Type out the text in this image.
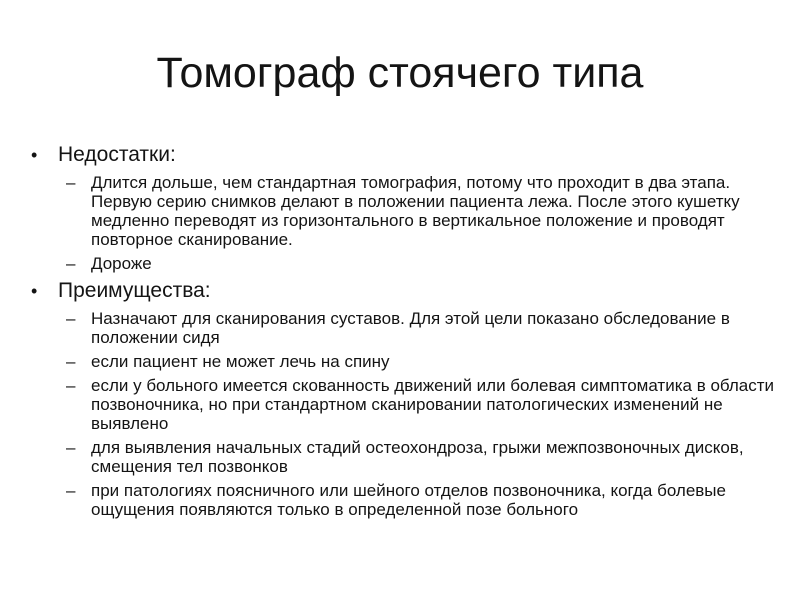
Томограф стоячего типа
• Недостатки:
– Длится дольше, чем стандартная томография, потому что проходит в два этапа. Первую серию снимков делают в положении пациента лежа. После этого кушетку медленно переводят из горизонтального в вертикальное положение и проводят повторное сканирование.
– Дороже
• Преимущества:
– Назначают для сканирования суставов. Для этой цели показано обследование в положении сидя
– если пациент не может лечь на спину
– если у больного имеется скованность движений или болевая симптоматика в области позвоночника, но при стандартном сканировании патологических изменений не выявлено
– для выявления начальных стадий остеохондроза, грыжи межпозвоночных дисков, смещения тел позвонков
– при патологиях поясничного или шейного отделов позвоночника, когда болевые ощущения появляются только в определенной позе больного
